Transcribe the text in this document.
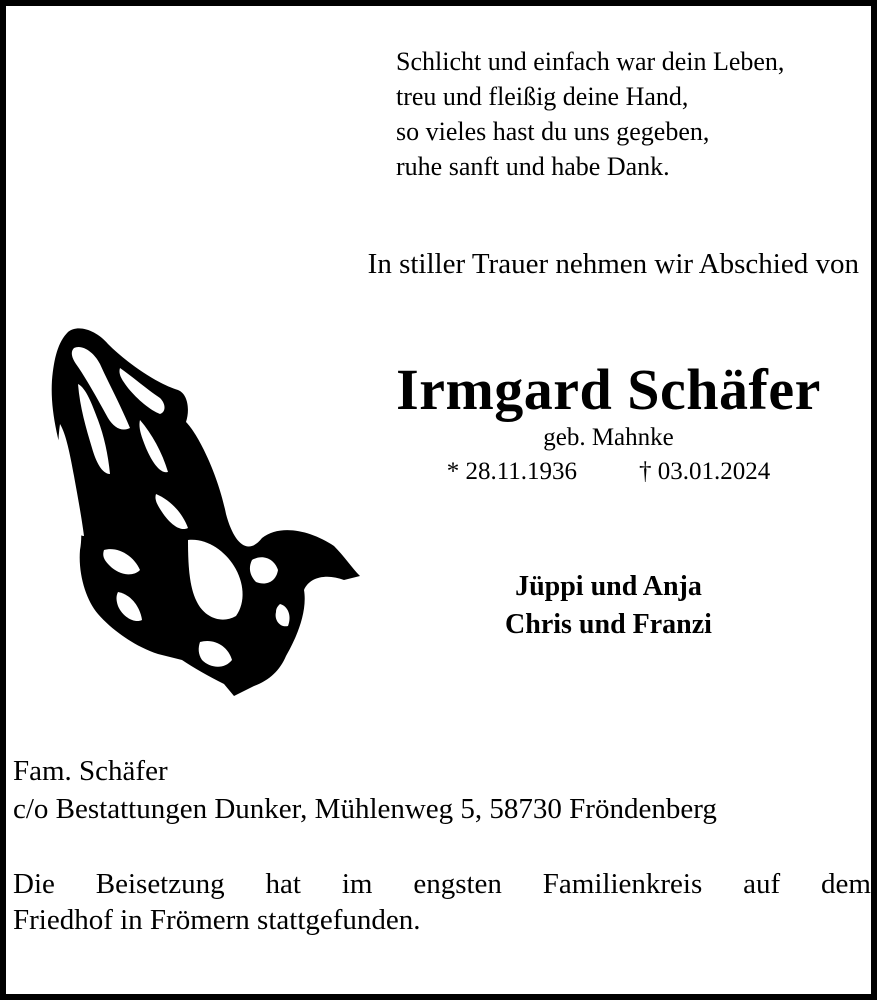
Schlicht und einfach war dein Leben,
treu und fleißig deine Hand,
so vieles hast du uns gegeben,
ruhe sanft und habe Dank.
In stiller Trauer nehmen wir Abschied von
Irmgard Schäfer
geb. Mahnke
* 28.11.1936 † 03.01.2024
Jüppi und Anja
Chris und Franzi
Fam. Schäfer
c/o Bestattungen Dunker, Mühlenweg 5, 58730 Fröndenberg
Die Beisetzung hat im engsten Familienkreis auf dem
Friedhof in Frömern stattgefunden.
